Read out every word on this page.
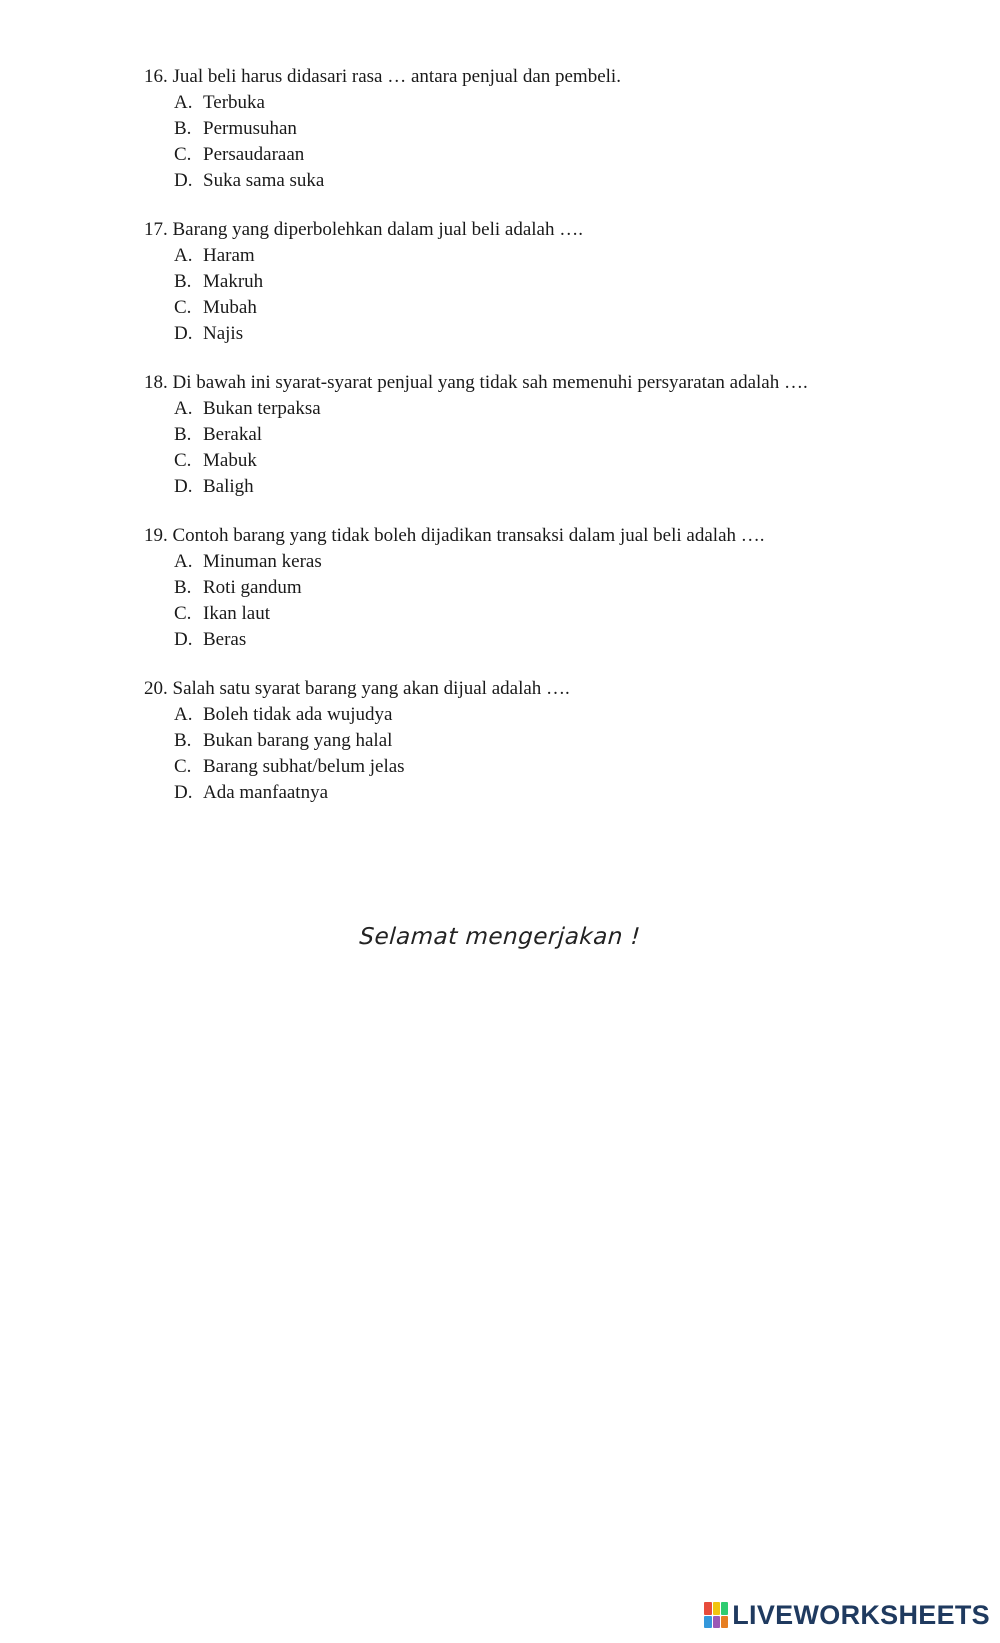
16. Jual beli harus didasari rasa … antara penjual dan pembeli.
A. Terbuka
B. Permusuhan
C. Persaudaraan
D. Suka sama suka
17. Barang yang diperbolehkan dalam jual beli adalah ….
A. Haram
B. Makruh
C. Mubah
D. Najis
18. Di bawah ini syarat-syarat penjual yang tidak sah memenuhi persyaratan adalah ….
A. Bukan terpaksa
B. Berakal
C. Mabuk
D. Baligh
19. Contoh barang yang tidak boleh dijadikan transaksi dalam jual beli adalah ….
A. Minuman keras
B. Roti gandum
C. Ikan laut
D. Beras
20. Salah satu syarat barang yang akan dijual adalah ….
A. Boleh tidak ada wujudya
B. Bukan barang yang halal
C. Barang subhat/belum jelas
D. Ada manfaatnya
Selamat mengerjakan !
LIVEWORKSHEETS
